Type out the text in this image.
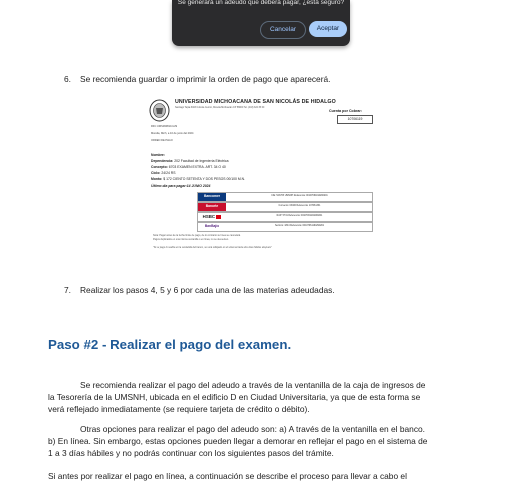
Se generará un adeudo que deberá pagar, ¿está seguro?
Cancelar	Aceptar
6. Se recomienda guardar o imprimir la orden de pago que aparecerá.
UNIVERSIDAD MICHOACANA DE SAN NICOLÁS DE HIDALGO
Santiago Tapia #403 Colonia Centro, Morelia Michoacán CP 58000 Tel. (443) 322 35 00
Cuenta por Cobrar:
10706119
RFC UMS390810-U29
Morelia, Mich, a 10 de junio del 2024
ORDEN DE PAGO
Nombre:
Dependencia: 202 Facultad de Ingeniería Eléctrica
Concepto: 6703 EXAMEN EXTRA. ART. 34 O 40
Ciclo: 24/24 RS
Monto: $ 172 CIENTO SETENTA Y DOS PESOS 00/100 M.N.
Último día para pagar:14 JUNIO 2024
Bancomer	CIE: 543705 UMSNH Referencia: 00107061194290201
Banorte	Convenio: 03400 Referencia: 107061331
HSBC	RAP: 5731 Referencia: 00107061194290201
BanBajío	Servicio: 1844 Referencia: 00107061194290201
Nota: Pagar antes de la fecha límite de pago, de lo contrario su línea se cancelará.
Pagos duplicados en una misma ventanilla o en línea, no se devuelven.
"Si su pago lo realiza en la ventanilla del banco, se verá reflejado en el sistema hasta dos días hábiles después"
7. Realizar los pasos 4, 5 y 6 por cada una de las materias adeudadas.
Paso #2 - Realizar el pago del examen.
Se recomienda realizar el pago del adeudo a través de la ventanilla de la caja de ingresos de
la Tesorería de la UMSNH, ubicada en el edificio D en Ciudad Universitaria, ya que de esta forma se
verá reflejado inmediatamente (se requiere tarjeta de crédito o débito).
Otras opciones para realizar el pago del adeudo son: a) A través de la ventanilla en el banco.
b) En línea. Sin embargo, estas opciones pueden llegar a demorar en reflejar el pago en el sistema de
1 a 3 días hábiles y no podrás continuar con los siguientes pasos del trámite.
Si antes por realizar el pago en línea, a continuación se describe el proceso para llevar a cabo el
